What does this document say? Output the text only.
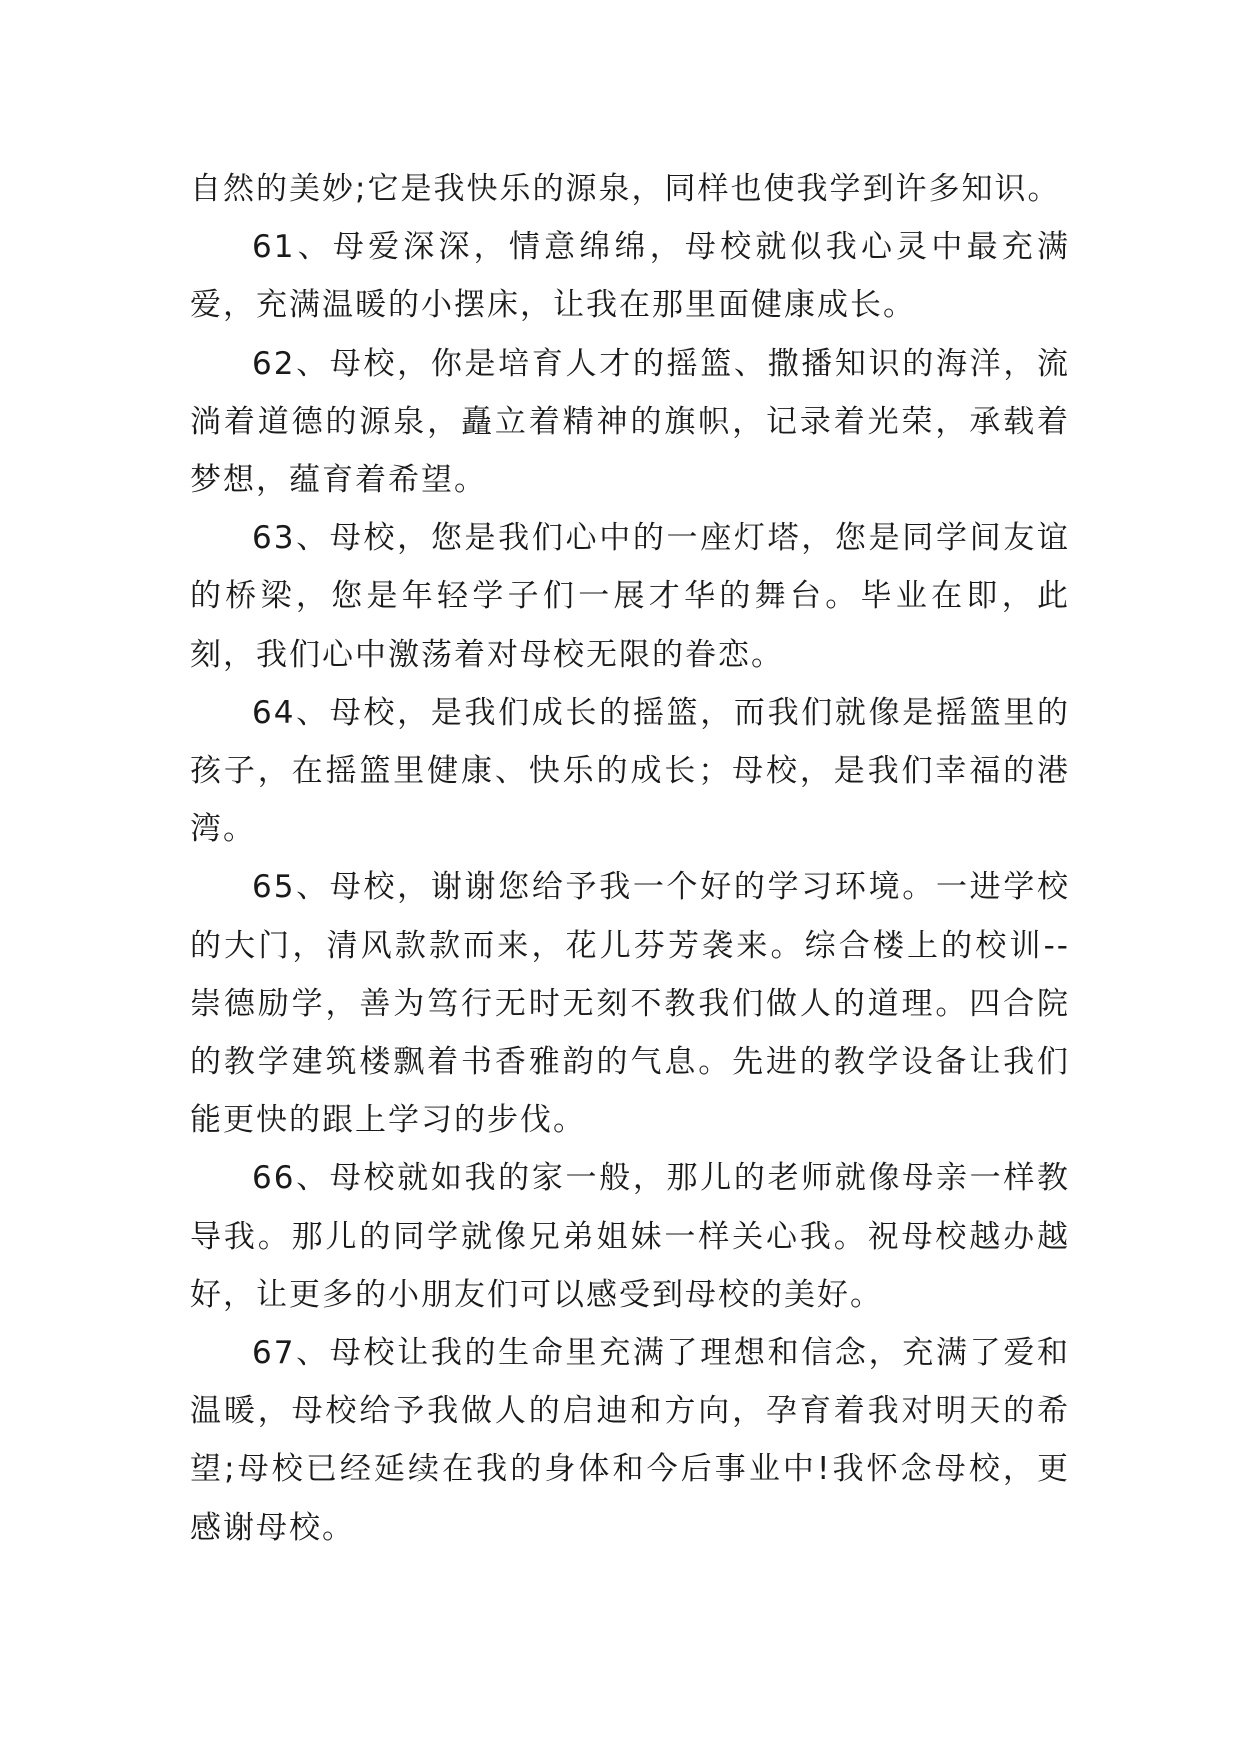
自然的美妙;它是我快乐的源泉，同样也使我学到许多知识。

61、母爱深深，情意绵绵，母校就似我心灵中最充满爱，充满温暖的小摆床，让我在那里面健康成长。

62、母校，你是培育人才的摇篮、撒播知识的海洋，流淌着道德的源泉，矗立着精神的旗帜，记录着光荣，承载着梦想，蕴育着希望。

63、母校，您是我们心中的一座灯塔，您是同学间友谊的桥梁，您是年轻学子们一展才华的舞台。毕业在即，此刻，我们心中激荡着对母校无限的眷恋。

64、母校，是我们成长的摇篮，而我们就像是摇篮里的孩子，在摇篮里健康、快乐的成长；母校，是我们幸福的港湾。

65、母校，谢谢您给予我一个好的学习环境。一进学校的大门，清风款款而来，花儿芬芳袭来。综合楼上的校训--崇德励学，善为笃行无时无刻不教我们做人的道理。四合院的教学建筑楼飘着书香雅韵的气息。先进的教学设备让我们能更快的跟上学习的步伐。

66、母校就如我的家一般，那儿的老师就像母亲一样教导我。那儿的同学就像兄弟姐妹一样关心我。祝母校越办越好，让更多的小朋友们可以感受到母校的美好。

67、母校让我的生命里充满了理想和信念，充满了爱和温暖，母校给予我做人的启迪和方向，孕育着我对明天的希望;母校已经延续在我的身体和今后事业中!我怀念母校，更感谢母校。
